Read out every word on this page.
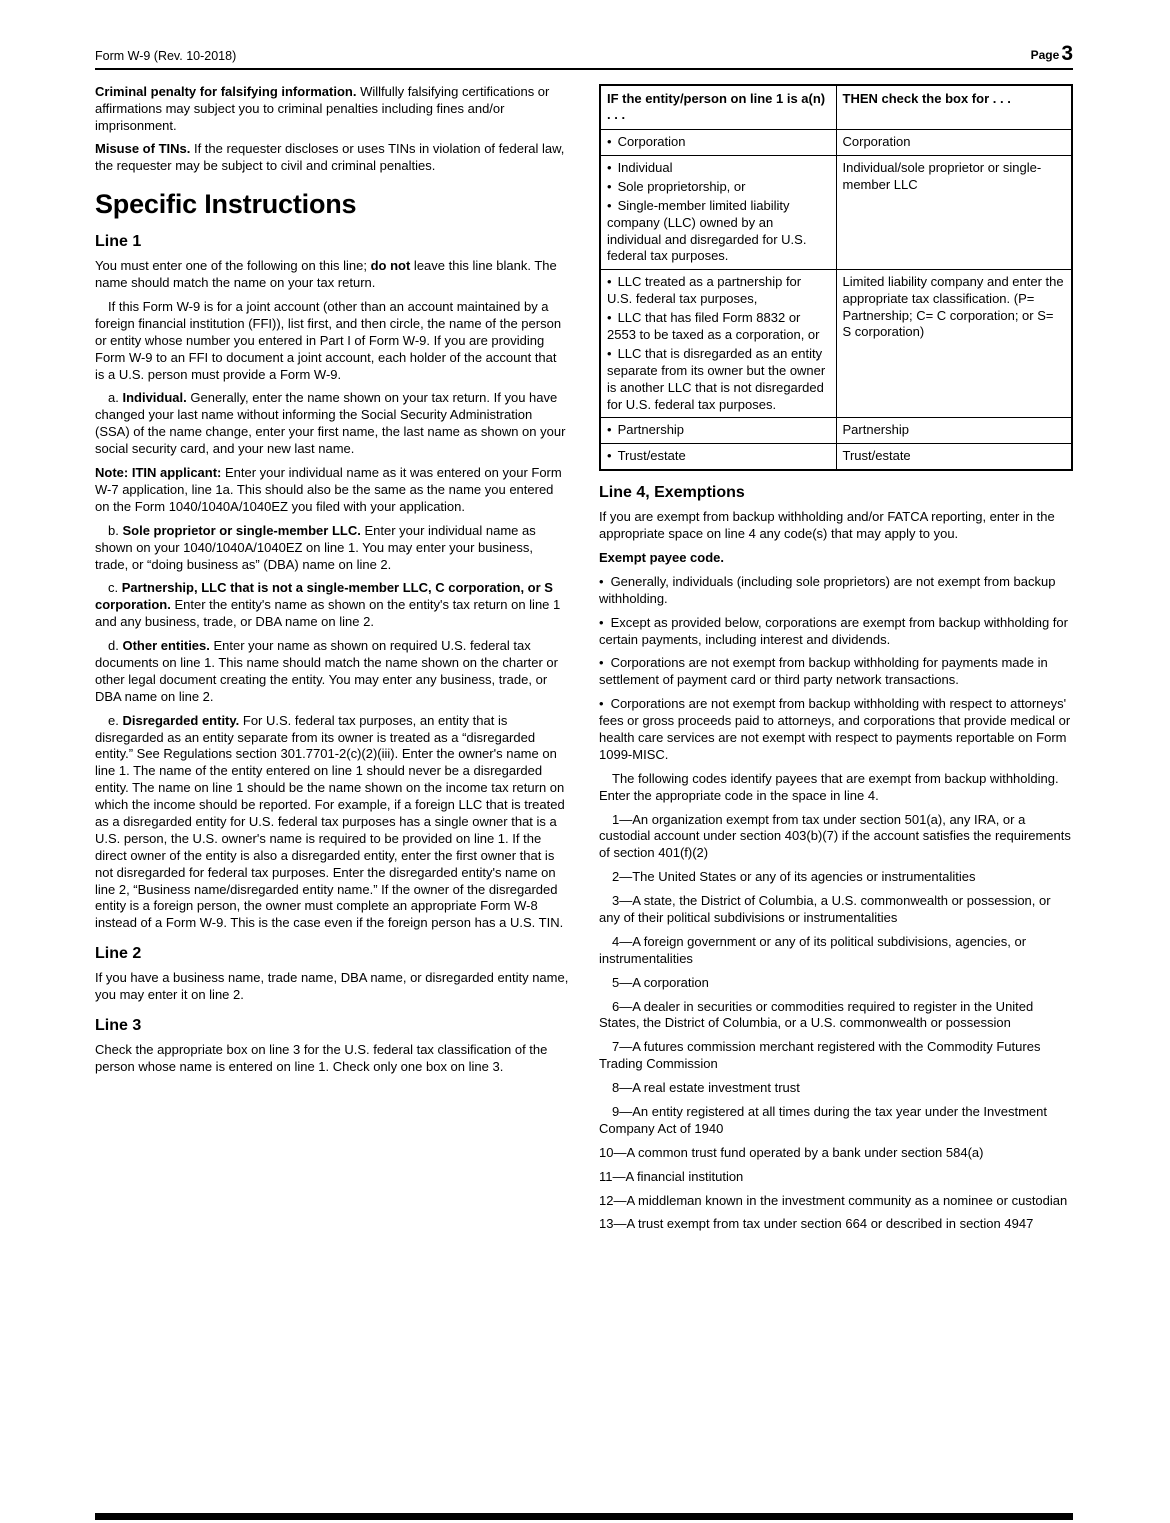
Form W-9 (Rev. 10-2018)	Page 3

Criminal penalty for falsifying information. Willfully falsifying certifications or affirmations may subject you to criminal penalties including fines and/or imprisonment.

Misuse of TINs. If the requester discloses or uses TINs in violation of federal law, the requester may be subject to civil and criminal penalties.

Specific Instructions
Line 1

You must enter one of the following on this line; do not leave this line blank. The name should match the name on your tax return.

If this Form W-9 is for a joint account (other than an account maintained by a foreign financial institution (FFI)), list first, and then circle, the name of the person or entity whose number you entered in Part I of Form W-9. If you are providing Form W-9 to an FFI to document a joint account, each holder of the account that is a U.S. person must provide a Form W-9.

a. Individual. Generally, enter the name shown on your tax return. If you have changed your last name without informing the Social Security Administration (SSA) of the name change, enter your first name, the last name as shown on your social security card, and your new last name.

Note: ITIN applicant: Enter your individual name as it was entered on your Form W-7 application, line 1a. This should also be the same as the name you entered on the Form 1040/1040A/1040EZ you filed with your application.

b. Sole proprietor or single-member LLC. Enter your individual name as shown on your 1040/1040A/1040EZ on line 1. You may enter your business, trade, or “doing business as” (DBA) name on line 2.

c. Partnership, LLC that is not a single-member LLC, C corporation, or S corporation. Enter the entity's name as shown on the entity's tax return on line 1 and any business, trade, or DBA name on line 2.

d. Other entities. Enter your name as shown on required U.S. federal tax documents on line 1. This name should match the name shown on the charter or other legal document creating the entity. You may enter any business, trade, or DBA name on line 2.

e. Disregarded entity. For U.S. federal tax purposes, an entity that is disregarded as an entity separate from its owner is treated as a “disregarded entity.” See Regulations section 301.7701-2(c)(2)(iii). Enter the owner's name on line 1. The name of the entity entered on line 1 should never be a disregarded entity. The name on line 1 should be the name shown on the income tax return on which the income should be reported. For example, if a foreign LLC that is treated as a disregarded entity for U.S. federal tax purposes has a single owner that is a U.S. person, the U.S. owner's name is required to be provided on line 1. If the direct owner of the entity is also a disregarded entity, enter the first owner that is not disregarded for federal tax purposes. Enter the disregarded entity's name on line 2, “Business name/disregarded entity name.” If the owner of the disregarded entity is a foreign person, the owner must complete an appropriate Form W-8 instead of a Form W-9. This is the case even if the foreign person has a U.S. TIN.

Line 2

If you have a business name, trade name, DBA name, or disregarded entity name, you may enter it on line 2.

Line 3

Check the appropriate box on line 3 for the U.S. federal tax classification of the person whose name is entered on line 1. Check only one box on line 3.

IF the entity/person on line 1 is a(n) . . .	THEN check the box for . . .

• Corporation	Corporation

• Individual

• Sole proprietorship, or

• Single-member limited liability company (LLC) owned by an individual and disregarded for U.S. federal tax purposes.	Individual/sole proprietor or single-member LLC

• LLC treated as a partnership for U.S. federal tax purposes,

• LLC that has filed Form 8832 or 2553 to be taxed as a corporation, or

• LLC that is disregarded as an entity separate from its owner but the owner is another LLC that is not disregarded for U.S. federal tax purposes.	Limited liability company and enter the appropriate tax classification. (P= Partnership; C= C corporation; or S= S corporation)

• Partnership	Partnership

• Trust/estate	Trust/estate
Line 4, Exemptions

If you are exempt from backup withholding and/or FATCA reporting, enter in the appropriate space on line 4 any code(s) that may apply to you.

Exempt payee code.

• Generally, individuals (including sole proprietors) are not exempt from backup withholding.

• Except as provided below, corporations are exempt from backup withholding for certain payments, including interest and dividends.

• Corporations are not exempt from backup withholding for payments made in settlement of payment card or third party network transactions.

• Corporations are not exempt from backup withholding with respect to attorneys' fees or gross proceeds paid to attorneys, and corporations that provide medical or health care services are not exempt with respect to payments reportable on Form 1099-MISC.

The following codes identify payees that are exempt from backup withholding. Enter the appropriate code in the space in line 4.

1—An organization exempt from tax under section 501(a), any IRA, or a custodial account under section 403(b)(7) if the account satisfies the requirements of section 401(f)(2)

2—The United States or any of its agencies or instrumentalities

3—A state, the District of Columbia, a U.S. commonwealth or possession, or any of their political subdivisions or instrumentalities

4—A foreign government or any of its political subdivisions, agencies, or instrumentalities

5—A corporation

6—A dealer in securities or commodities required to register in the United States, the District of Columbia, or a U.S. commonwealth or possession

7—A futures commission merchant registered with the Commodity Futures Trading Commission

8—A real estate investment trust

9—An entity registered at all times during the tax year under the Investment Company Act of 1940

10—A common trust fund operated by a bank under section 584(a)

11—A financial institution

12—A middleman known in the investment community as a nominee or custodian

13—A trust exempt from tax under section 664 or described in section 4947
